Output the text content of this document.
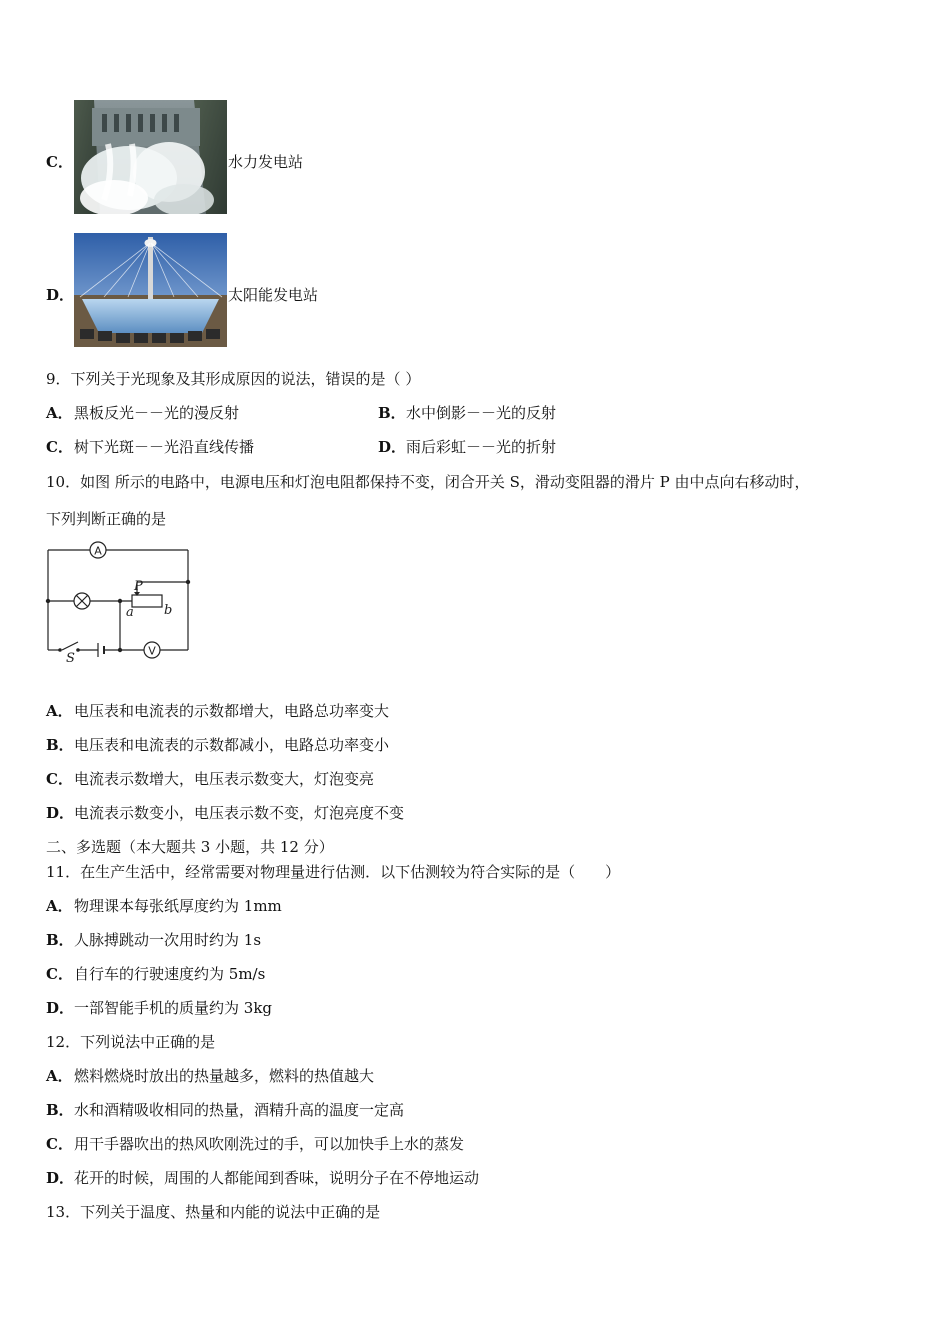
C．	水力发电站
D．	太阳能发电站
9．下列关于光现象及其形成原因的说法，错误的是（ ）
A．黑板反光－－光的漫反射	B．水中倒影－－光的反射
C．树下光斑－－光沿直线传播	D．雨后彩虹－－光的折射
10．如图 所示的电路中，电源电压和灯泡电阻都保持不变，闭合开关 S，滑动变阻器的滑片 P 由中点向右移动时，
下列判断正确的是
A
V
P
a b
S
A．电压表和电流表的示数都增大，电路总功率变大
B．电压表和电流表的示数都减小，电路总功率变小
C．电流表示数增大，电压表示数变大，灯泡变亮
D．电流表示数变小，电压表示数不变，灯泡亮度不变
二、多选题（本大题共 3 小题，共 12 分）
11．在生产生活中，经常需要对物理量进行估测．以下估测较为符合实际的是（　　）
A．物理课本每张纸厚度约为 1mm
B．人脉搏跳动一次用时约为 1s
C．自行车的行驶速度约为 5m/s
D．一部智能手机的质量约为 3kg
12．下列说法中正确的是
A．燃料燃烧时放出的热量越多，燃料的热值越大
B．水和酒精吸收相同的热量，酒精升高的温度一定高
C．用干手器吹出的热风吹刚洗过的手，可以加快手上水的蒸发
D．花开的时候，周围的人都能闻到香味，说明分子在不停地运动
13．下列关于温度、热量和内能的说法中正确的是
